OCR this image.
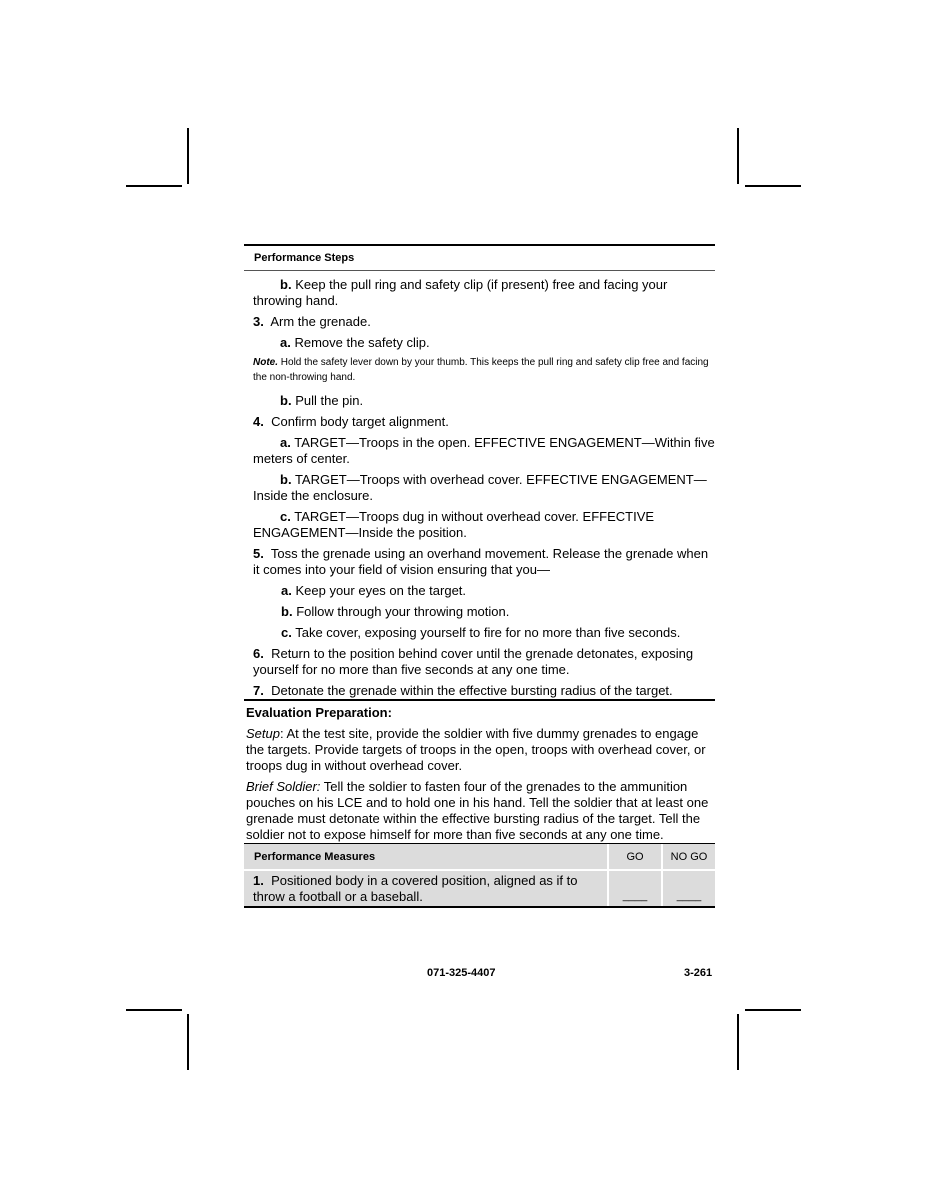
Performance Steps

b. Keep the pull ring and safety clip (if present) free and facing your throwing hand.

3. Arm the grenade.

a. Remove the safety clip.

Note. Hold the safety lever down by your thumb. This keeps the pull ring and safety clip free and facing the non-throwing hand.

b. Pull the pin.

4. Confirm body target alignment.

a. TARGET—Troops in the open. EFFECTIVE ENGAGEMENT—Within five meters of center.

b. TARGET—Troops with overhead cover. EFFECTIVE ENGAGEMENT—Inside the enclosure.

c. TARGET—Troops dug in without overhead cover. EFFECTIVE ENGAGEMENT—Inside the position.

5. Toss the grenade using an overhand movement. Release the grenade when it comes into your field of vision ensuring that you—

a. Keep your eyes on the target.

b. Follow through your throwing motion.

c. Take cover, exposing yourself to fire for no more than five seconds.

6. Return to the position behind cover until the grenade detonates, exposing yourself for no more than five seconds at any one time.

7. Detonate the grenade within the effective bursting radius of the target.

Evaluation Preparation:

Setup: At the test site, provide the soldier with five dummy grenades to engage the targets. Provide targets of troops in the open, troops with overhead cover, or troops dug in without overhead cover.

Brief Soldier: Tell the soldier to fasten four of the grenades to the ammunition pouches on his LCE and to hold one in his hand. Tell the soldier that at least one grenade must detonate within the effective bursting radius of the target. Tell the soldier not to expose himself for more than five seconds at any one time.

Performance Measures	GO	NO GO
1. Positioned body in a covered position, aligned as if to throw a football or a baseball.	____	____
071-325-4407	3-261
